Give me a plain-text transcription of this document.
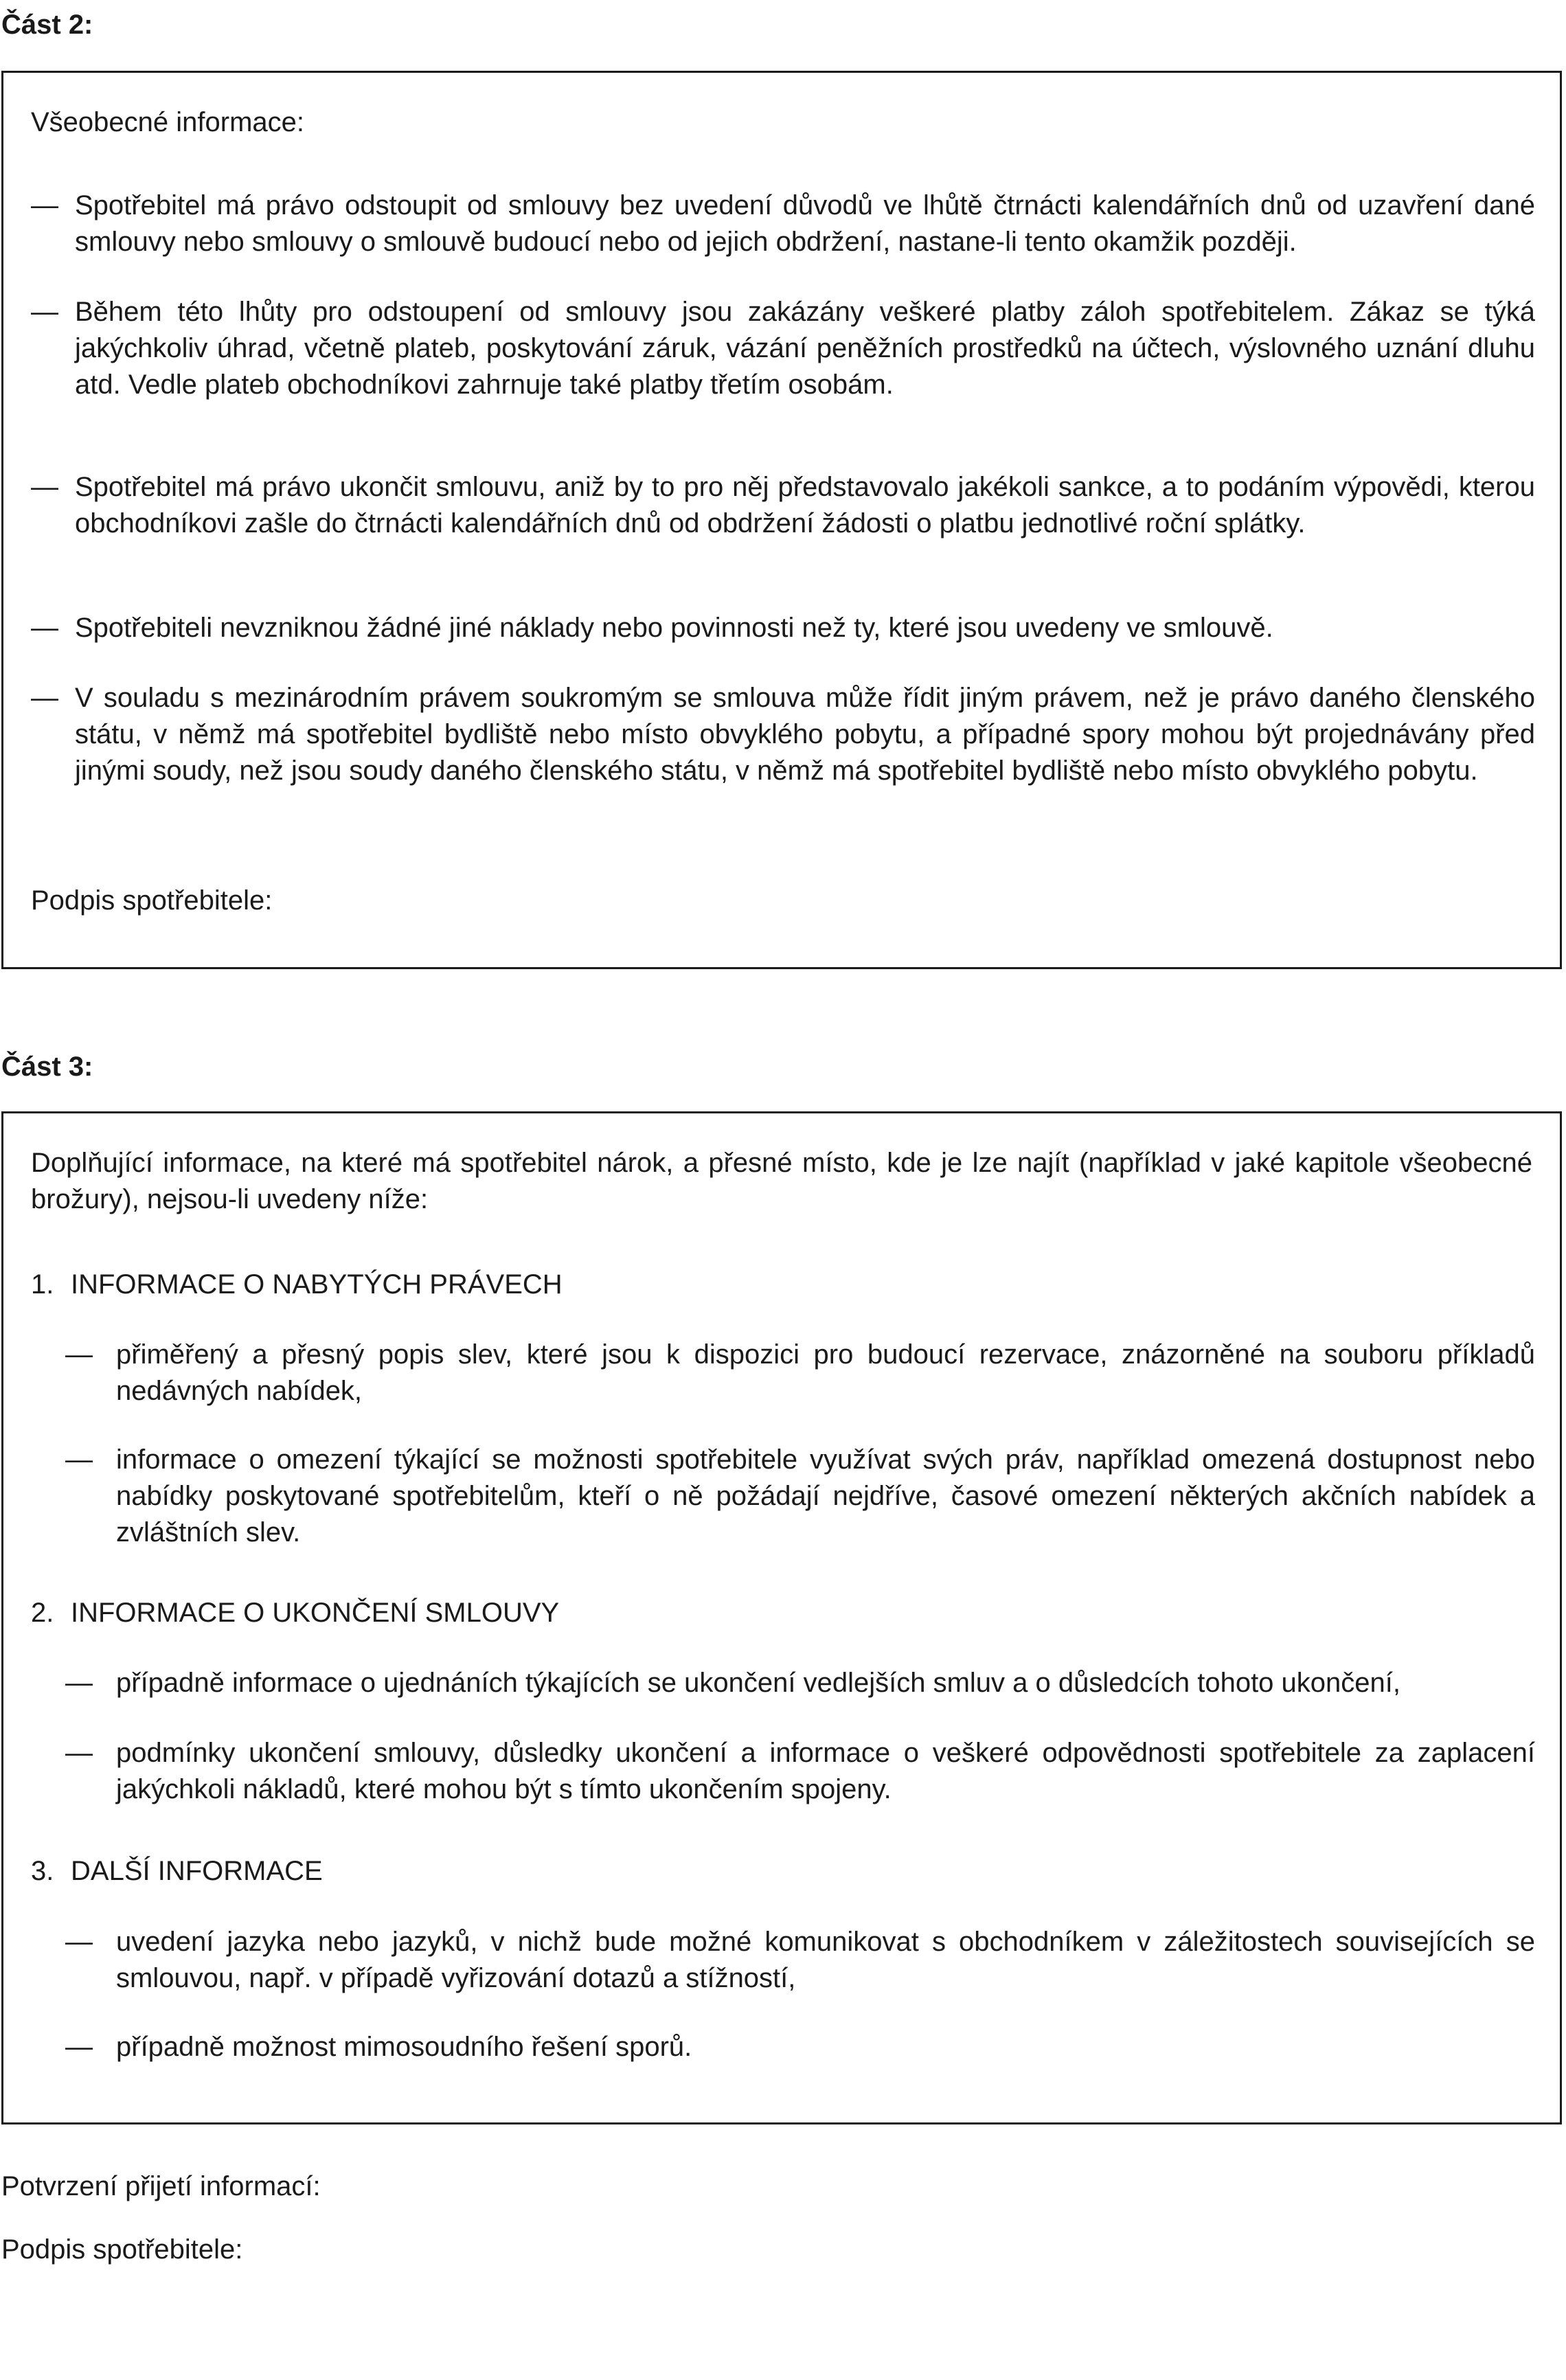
Část 2:
Všeobecné informace:
— Spotřebitel má právo odstoupit od smlouvy bez uvedení důvodů ve lhůtě čtrnácti kalendářních dnů od uzavření dané smlouvy nebo smlouvy o smlouvě budoucí nebo od jejich obdržení, nastane-li tento okamžik později.
— Během této lhůty pro odstoupení od smlouvy jsou zakázány veškeré platby záloh spotřebitelem. Zákaz se týká jakýchkoliv úhrad, včetně plateb, poskytování záruk, vázání peněžních prostředků na účtech, výslovného uznání dluhu atd. Vedle plateb obchodníkovi zahrnuje také platby třetím osobám.
— Spotřebitel má právo ukončit smlouvu, aniž by to pro něj představovalo jakékoli sankce, a to podáním výpovědi, kterou obchodníkovi zašle do čtrnácti kalendářních dnů od obdržení žádosti o platbu jednotlivé roční splátky.
— Spotřebiteli nevzniknou žádné jiné náklady nebo povinnosti než ty, které jsou uvedeny ve smlouvě.
— V souladu s mezinárodním právem soukromým se smlouva může řídit jiným právem, než je právo daného členského státu, v němž má spotřebitel bydliště nebo místo obvyklého pobytu, a případné spory mohou být projednávány před jinými soudy, než jsou soudy daného členského státu, v němž má spotřebitel bydliště nebo místo obvyklého pobytu.
Podpis spotřebitele:
Část 3:
Doplňující informace, na které má spotřebitel nárok, a přesné místo, kde je lze najít (například v jaké kapitole všeobecné brožury), nejsou-li uvedeny níže:
1. INFORMACE O NABYTÝCH PRÁVECH
— přiměřený a přesný popis slev, které jsou k dispozici pro budoucí rezervace, znázorněné na souboru příkladů nedávných nabídek,
— informace o omezení týkající se možnosti spotřebitele využívat svých práv, například omezená dostupnost nebo nabídky poskytované spotřebitelům, kteří o ně požádají nejdříve, časové omezení některých akčních nabídek a zvláštních slev.
2. INFORMACE O UKONČENÍ SMLOUVY
— případně informace o ujednáních týkajících se ukončení vedlejších smluv a o důsledcích tohoto ukončení,
— podmínky ukončení smlouvy, důsledky ukončení a informace o veškeré odpovědnosti spotřebitele za zaplacení jakýchkoli nákladů, které mohou být s tímto ukončením spojeny.
3. DALŠÍ INFORMACE
— uvedení jazyka nebo jazyků, v nichž bude možné komunikovat s obchodníkem v záležitostech souvisejících se smlouvou, např. v případě vyřizování dotazů a stížností,
— případně možnost mimosoudního řešení sporů.
Potvrzení přijetí informací:
Podpis spotřebitele:
